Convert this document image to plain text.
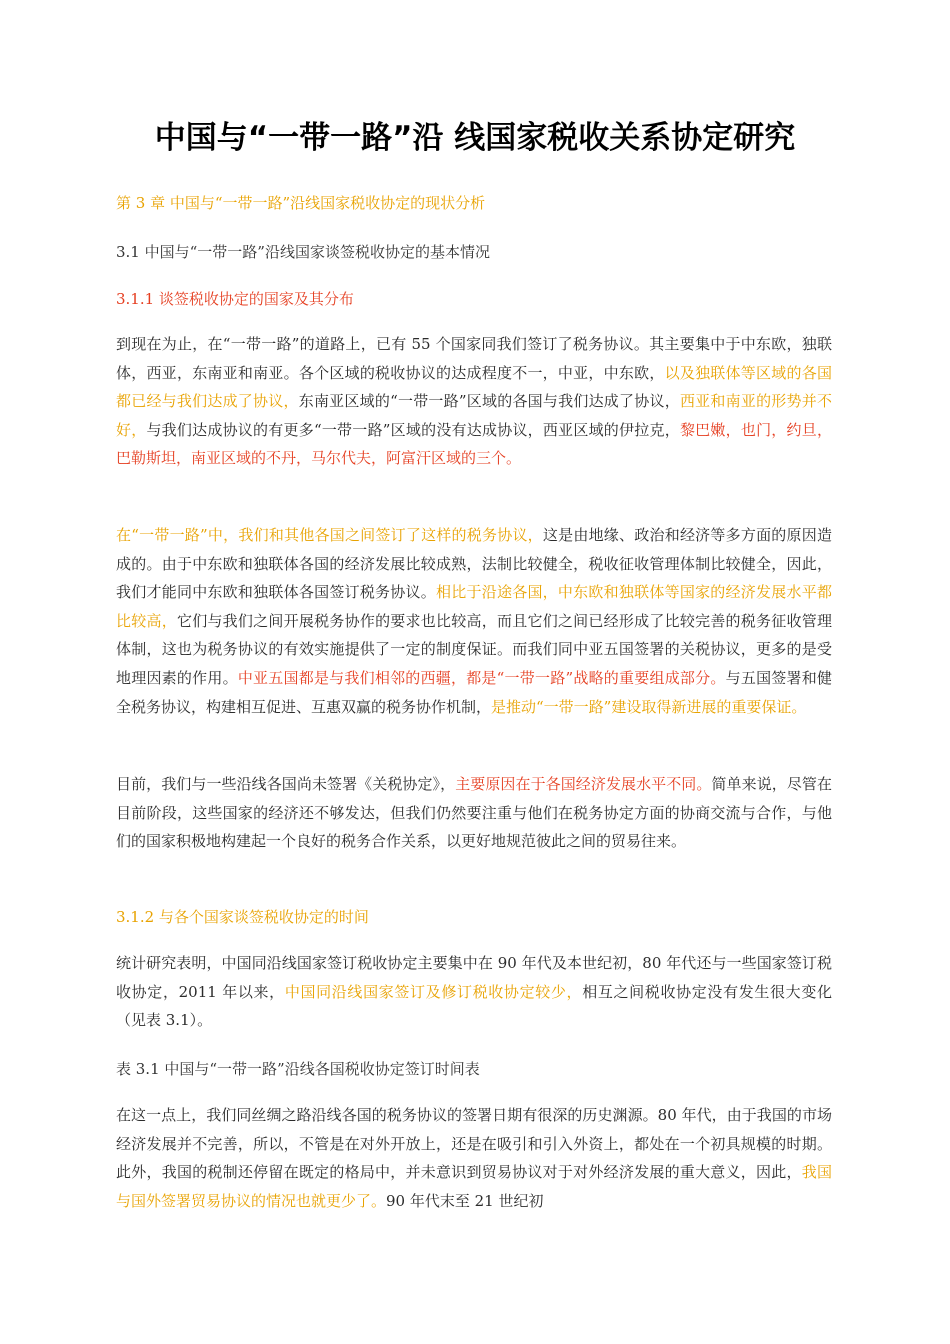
中国与“一带一路”沿 线国家税收关系协定研究
第 3 章 中国与“一带一路”沿线国家税收协定的现状分析
3.1 中国与“一带一路”沿线国家谈签税收协定的基本情况
3.1.1 谈签税收协定的国家及其分布
到现在为止，在“一带一路”的道路上，已有 55 个国家同我们签订了税务协议。其主要集中于中东欧，独联体，西亚，东南亚和南亚。各个区域的税收协议的达成程度不一，中亚，中东欧，以及独联体等区域的各国都已经与我们达成了协议，东南亚区域的“一带一路”区域的各国与我们达成了协议，西亚和南亚的形势并不好，与我们达成协议的有更多“一带一路”区域的没有达成协议，西亚区域的伊拉克，黎巴嫩，也门，约旦，巴勒斯坦，南亚区域的不丹，马尔代夫，阿富汗区域的三个。
在“一带一路”中，我们和其他各国之间签订了这样的税务协议，这是由地缘、政治和经济等多方面的原因造成的。由于中东欧和独联体各国的经济发展比较成熟，法制比较健全，税收征收管理体制比较健全，因此，我们才能同中东欧和独联体各国签订税务协议。相比于沿途各国，中东欧和独联体等国家的经济发展水平都比较高，它们与我们之间开展税务协作的要求也比较高，而且它们之间已经形成了比较完善的税务征收管理体制，这也为税务协议的有效实施提供了一定的制度保证。而我们同中亚五国签署的关税协议，更多的是受地理因素的作用。中亚五国都是与我们相邻的西疆，都是“一带一路”战略的重要组成部分。与五国签署和健全税务协议，构建相互促进、互惠双赢的税务协作机制，是推动“一带一路”建设取得新进展的重要保证。
目前，我们与一些沿线各国尚未签署《关税协定》，主要原因在于各国经济发展水平不同。简单来说，尽管在目前阶段，这些国家的经济还不够发达，但我们仍然要注重与他们在税务协定方面的协商交流与合作，与他们的国家积极地构建起一个良好的税务合作关系，以更好地规范彼此之间的贸易往来。
3.1.2 与各个国家谈签税收协定的时间
统计研究表明，中国同沿线国家签订税收协定主要集中在 90 年代及本世纪初，80 年代还与一些国家签订税收协定，2011 年以来，中国同沿线国家签订及修订税收协定较少，相互之间税收协定没有发生很大变化（见表 3.1）。
表 3.1 中国与“一带一路”沿线各国税收协定签订时间表
在这一点上，我们同丝绸之路沿线各国的税务协议的签署日期有很深的历史渊源。80 年代，由于我国的市场经济发展并不完善，所以，不管是在对外开放上，还是在吸引和引入外资上，都处在一个初具规模的时期。此外，我国的税制还停留在既定的格局中，并未意识到贸易协议对于对外经济发展的重大意义，因此，我国与国外签署贸易协议的情况也就更少了。90 年代末至 21 世纪初
